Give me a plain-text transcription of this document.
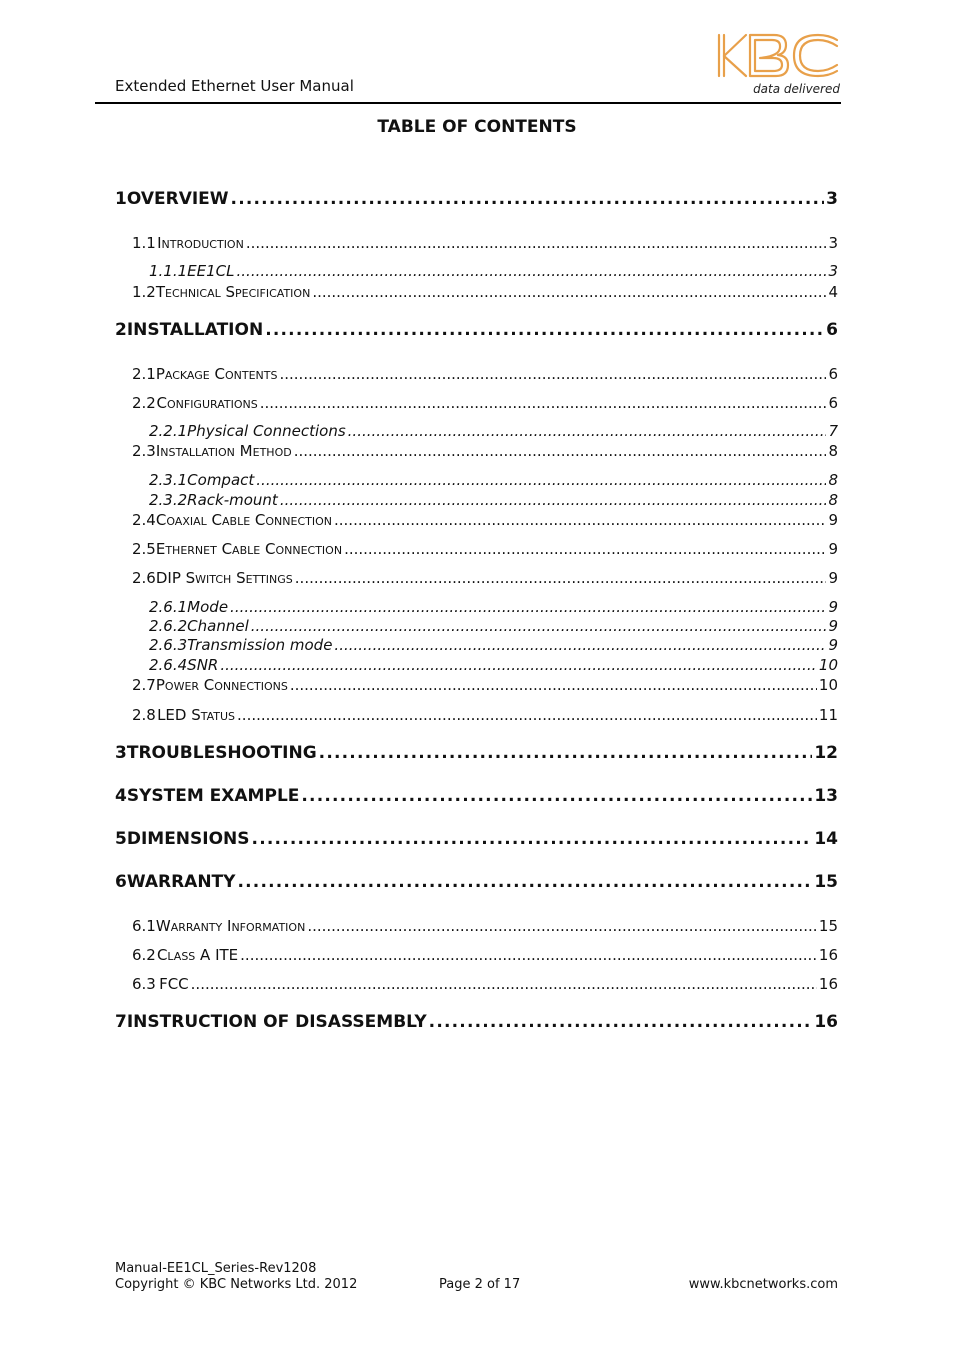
Extended Ethernet User Manual	data delivered
TABLE OF CONTENTS
1 OVERVIEW .....	3
1.1 Introduction .....	3
1.1.1 EE1CL .....	3
1.2 Technical Specification .....	4
2 INSTALLATION .....	6
2.1 Package Contents .....	6
2.2 Configurations .....	6
2.2.1 Physical Connections .....	7
2.3 Installation Method .....	8
2.3.1 Compact .....	8
2.3.2 Rack-mount .....	8
2.4 Coaxial Cable Connection .....	9
2.5 Ethernet Cable Connection .....	9
2.6 DIP Switch Settings .....	9
2.6.1 Mode .....	9
2.6.2 Channel .....	9
2.6.3 Transmission mode .....	9
2.6.4 SNR .....	10
2.7 Power Connections .....	10
2.8 LED Status .....	11
3 TROUBLESHOOTING .....	12
4 SYSTEM EXAMPLE .....	13
5 DIMENSIONS .....	14
6 WARRANTY .....	15
6.1 Warranty Information .....	15
6.2 Class A ITE .....	16
6.3 FCC .....	16
7 INSTRUCTION OF DISASSEMBLY .....	16
Manual-EE1CL_Series-Rev1208
Copyright © KBC Networks Ltd. 2012	Page 2 of 17	www.kbcnetworks.com
